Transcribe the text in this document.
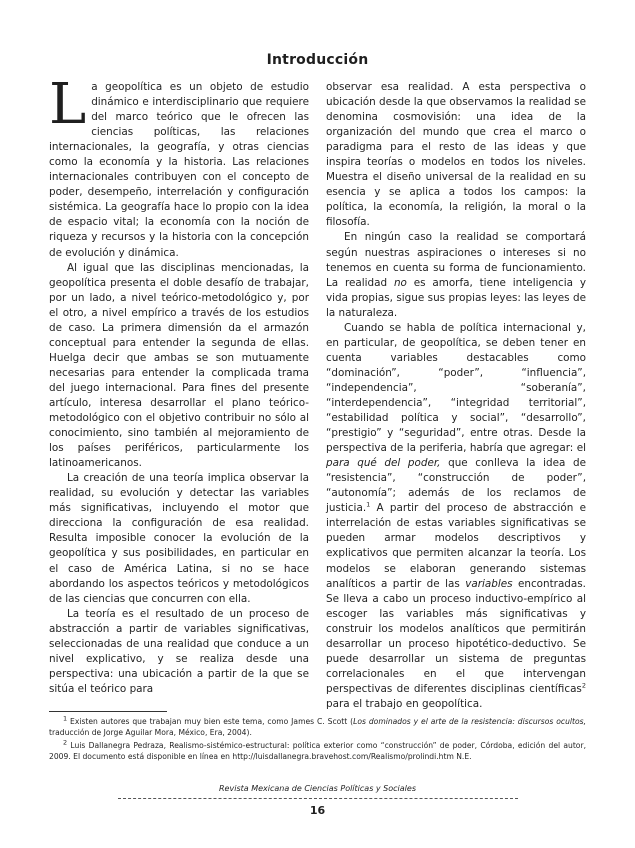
Introducción

La geopolítica es un objeto de estudio dinámico e interdisciplinario que requiere del marco teórico que le ofrecen las ciencias políticas, las relaciones internacionales, la geografía, y otras ciencias como la economía y la historia. Las relaciones internacionales contribuyen con el concepto de poder, desempeño, interrelación y configuración sistémica. La geografía hace lo propio con la idea de espacio vital; la economía con la noción de riqueza y recursos y la historia con la concepción de evolución y dinámica.

Al igual que las disciplinas mencionadas, la geopolítica presenta el doble desafío de trabajar, por un lado, a nivel teórico-metodológico y, por el otro, a nivel empírico a través de los estudios de caso. La primera dimensión da el armazón conceptual para entender la segunda de ellas. Huelga decir que ambas se son mutuamente necesarias para entender la complicada trama del juego internacional. Para fines del presente artículo, interesa desarrollar el plano teórico-metodológico con el objetivo contribuir no sólo al conocimiento, sino también al mejoramiento de los países periféricos, particularmente los latinoamericanos.

La creación de una teoría implica observar la realidad, su evolución y detectar las variables más significativas, incluyendo el motor que direcciona la configuración de esa realidad. Resulta imposible conocer la evolución de la geopolítica y sus posibilidades, en particular en el caso de América Latina, si no se hace abordando los aspectos teóricos y metodológicos de las ciencias que concurren con ella.

La teoría es el resultado de un proceso de abstracción a partir de variables significativas, seleccionadas de una realidad que conduce a un nivel explicativo, y se realiza desde una perspectiva: una ubicación a partir de la que se sitúa el teórico para

observar esa realidad. A esta perspectiva o ubicación desde la que observamos la realidad se denomina cosmovisión: una idea de la organización del mundo que crea el marco o paradigma para el resto de las ideas y que inspira teorías o modelos en todos los niveles. Muestra el diseño universal de la realidad en su esencia y se aplica a todos los campos: la política, la economía, la religión, la moral o la filosofía.

En ningún caso la realidad se comportará según nuestras aspiraciones o intereses si no tenemos en cuenta su forma de funcionamiento. La realidad no es amorfa, tiene inteligencia y vida propias, sigue sus propias leyes: las leyes de la naturaleza.

Cuando se habla de política internacional y, en particular, de geopolítica, se deben tener en cuenta variables destacables como “dominación”, “poder”, “influencia”, “independencia”, “soberanía”, “interdependencia”, “integridad territorial”, “estabilidad política y social”, “desarrollo”, “prestigio” y “seguridad”, entre otras. Desde la perspectiva de la periferia, habría que agregar: el para qué del poder, que conlleva la idea de “resistencia”, “construcción de poder”, “autonomía”; además de los reclamos de justicia.$^1$ A partir del proceso de abstracción e interrelación de estas variables significativas se pueden armar modelos descriptivos y explicativos que permiten alcanzar la teoría. Los modelos se elaboran generando sistemas analíticos a partir de las variables encontradas. Se lleva a cabo un proceso inductivo-empírico al escoger las variables más significativas y construir los modelos analíticos que permitirán desarrollar un proceso hipotético-deductivo. Se puede desarrollar un sistema de preguntas correlacionales en el que intervengan perspectivas de diferentes disciplinas científicas$^2$ para el trabajo en geopolítica.

$^1$ Existen autores que trabajan muy bien este tema, como James C. Scott (Los dominados y el arte de la resistencia: discursos ocultos, traducción de Jorge Aguilar Mora, México, Era, 2004).

$^2$ Luis Dallanegra Pedraza, Realismo-sistémico-estructural: política exterior como “construcción” de poder, Córdoba, edición del autor, 2009. El documento está disponible en línea en http://luisdallanegra.bravehost.com/Realismo/prolindi.htm N.E.

Revista Mexicana de Ciencias Políticas y Sociales
16
